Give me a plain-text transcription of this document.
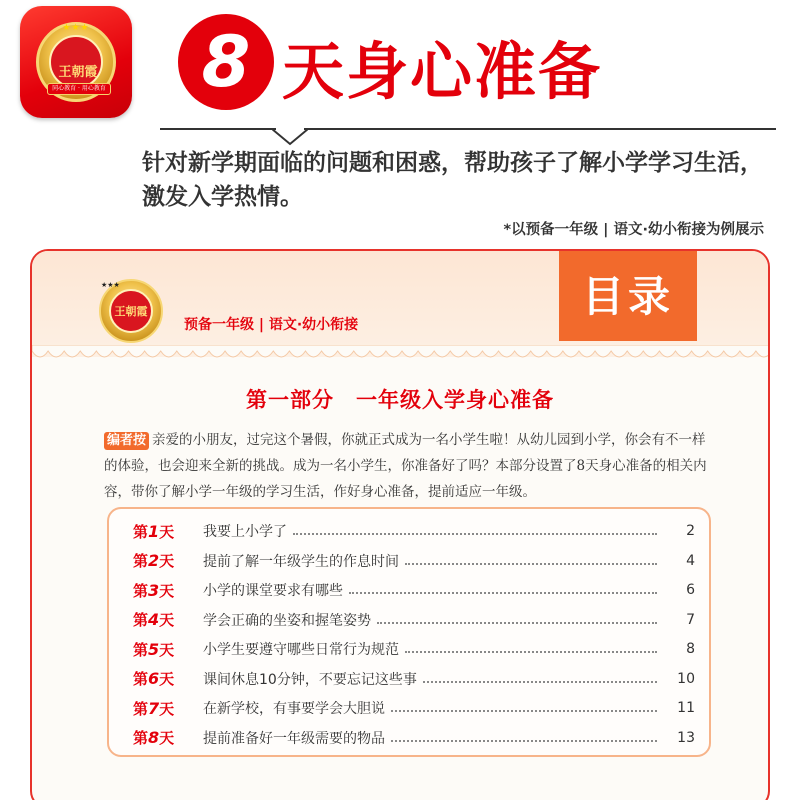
★★★
王朝霞
同心教育 · 用心教育	8 天身心准备
针对新学期面临的问题和困惑，帮助孩子了解小学学习生活，激发入学热情。
*以预备一年级 | 语文·幼小衔接为例展示
★★★
王朝霞
预备一年级 | 语文·幼小衔接
目录
第一部分　一年级入学身心准备
编者按 亲爱的小朋友，过完这个暑假，你就正式成为一名小学生啦！从幼儿园到小学，你会有不一样的体验，也会迎来全新的挑战。成为一名小学生，你准备好了吗？本部分设置了8天身心准备的相关内容，带你了解小学一年级的学习生活，作好身心准备，提前适应一年级。
第1天	我要上小学了	2
第2天	提前了解一年级学生的作息时间	4
第3天	小学的课堂要求有哪些	6
第4天	学会正确的坐姿和握笔姿势	7
第5天	小学生要遵守哪些日常行为规范	8
第6天	课间休息10分钟，不要忘记这些事	10
第7天	在新学校，有事要学会大胆说	11
第8天	提前准备好一年级需要的物品	13
